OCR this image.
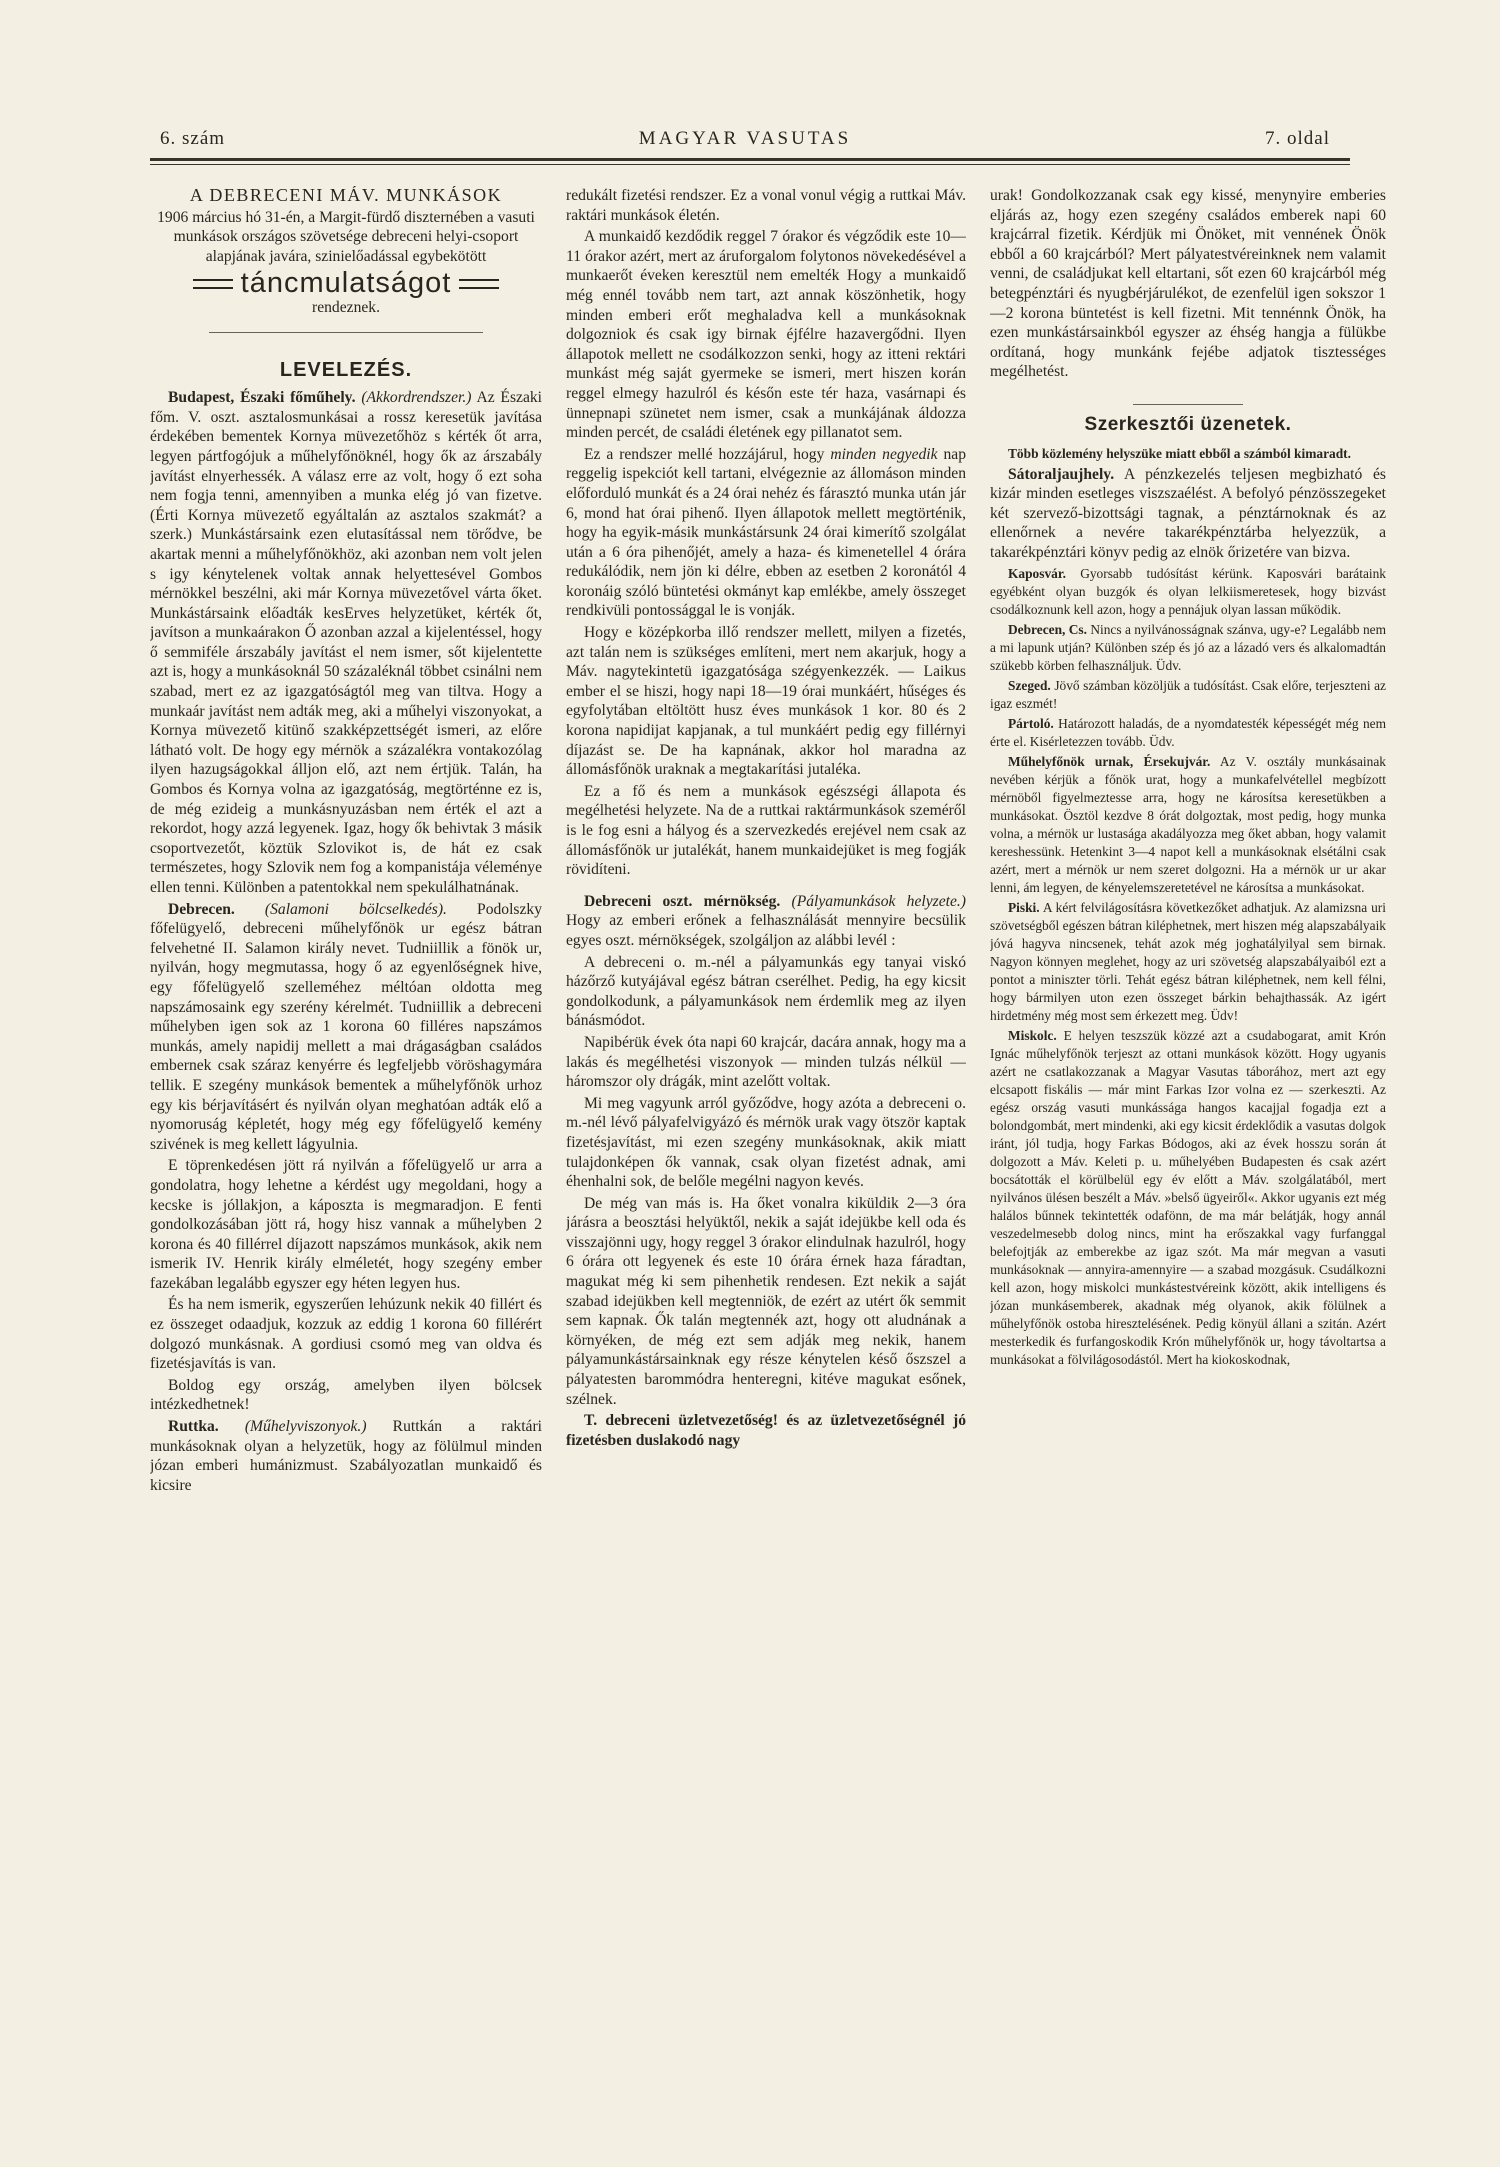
6. szám	MAGYAR VASUTAS	7. oldal
A DEBRECENI MÁV. MUNKÁSOK

1906 március hó 31-én, a Margit-fürdő diszternében a vasuti munkások országos szövetsége debreceni helyi-csoport alapjának javára, szinielőadással egybekötött

táncmulatságot

rendeznek.

LEVELEZÉS.

Budapest, Északi főműhely. (Akkordrendszer.) Az Északi főm. V. oszt. asztalosmunkásai a rossz keresetük javítása érdekében bementek Kornya müvezetőhöz s kérték őt arra, legyen pártfogójuk a műhelyfőnöknél, hogy ők az árszabály javítást elnyerhessék. A válasz erre az volt, hogy ő ezt soha nem fogja tenni, amennyiben a munka elég jó van fizetve. (Érti Kornya müvezető egyáltalán az asztalos szakmát? a szerk.) Munkástársaink ezen elutasítással nem törődve, be akartak menni a műhelyfőnökhöz, aki azonban nem volt jelen s igy kénytelenek voltak annak helyettesével Gombos mérnökkel beszélni, aki már Kornya müvezetővel várta őket. Munkástársaink előadták kesErves helyzetüket, kérték őt, javítson a munkaárakon Ő azonban azzal a kijelentéssel, hogy ő semmiféle árszabály javítást el nem ismer, sőt kijelentette azt is, hogy a munkásoknál 50 százaléknál többet csinálni nem szabad, mert ez az igazgatóságtól meg van tiltva. Hogy a munkaár javítást nem adták meg, aki a műhelyi viszonyokat, a Kornya müvezető kitünő szakképzettségét ismeri, az előre látható volt. De hogy egy mérnök a százalékra vontakozólag ilyen hazugságokkal álljon elő, azt nem értjük. Talán, ha Gombos és Kornya volna az igazgatóság, megtörténne ez is, de még ezideig a munkásnyuzásban nem érték el azt a rekordot, hogy azzá legyenek. Igaz, hogy ők behivtak 3 másik csoportvezetőt, köztük Szlovikot is, de hát ez csak természetes, hogy Szlovik nem fog a kompanistája véleménye ellen tenni. Különben a patentokkal nem spekulálhatnának.

Debrecen. (Salamoni bölcselkedés). Podolszky főfelügyelő, debreceni műhelyfőnök ur egész bátran felvehetné II. Salamon király nevet. Tudniillik a fönök ur, nyilván, hogy megmutassa, hogy ő az egyenlőségnek hive, egy főfelügyelő szelleméhez méltóan oldotta meg napszámosaink egy szerény kérelmét. Tudniillik a debreceni műhelyben igen sok az 1 korona 60 filléres napszámos munkás, amely napidij mellett a mai drágaságban családos embernek csak száraz kenyérre és legfeljebb vöröshagymára tellik. E szegény munkások bementek a műhelyfőnök urhoz egy kis bérjavításért és nyilván olyan meghatóan adták elő a nyomoruság képletét, hogy még egy főfelügyelő kemény szivének is meg kellett lágyulnia.

E töprenkedésen jött rá nyilván a főfelügyelő ur arra a gondolatra, hogy lehetne a kérdést ugy megoldani, hogy a kecske is jóllakjon, a káposzta is megmaradjon. E fenti gondolkozásában jött rá, hogy hisz vannak a műhelyben 2 korona és 40 fillérrel díjazott napszámos munkások, akik nem ismerik IV. Henrik király elméletét, hogy szegény ember fazekában legalább egyszer egy héten legyen hus.

És ha nem ismerik, egyszerűen lehúzunk nekik 40 fillért és ez összeget odaadjuk, kozzuk az eddig 1 korona 60 fillérért dolgozó munkásnak. A gordiusi csomó meg van oldva és fizetésjavítás is van.

Boldog egy ország, amelyben ilyen bölcsek intézkedhetnek!

Ruttka. (Műhelyviszonyok.) Ruttkán a raktári munkásoknak olyan a helyzetük, hogy az fölülmul minden józan emberi humánizmust. Szabályozatlan munkaidő és kicsire

redukált fizetési rendszer. Ez a vonal vonul végig a ruttkai Máv. raktári munkások életén.

A munkaidő kezdődik reggel 7 órakor és végződik este 10—11 órakor azért, mert az áruforgalom folytonos növekedésével a munkaerőt éveken keresztül nem emelték Hogy a munkaidő még ennél tovább nem tart, azt annak köszönhetik, hogy minden emberi erőt meghaladva kell a munkásoknak dolgozniok és csak igy birnak éjfélre hazavergődni. Ilyen állapotok mellett ne csodálkozzon senki, hogy az itteni rektári munkást még saját gyermeke se ismeri, mert hiszen korán reggel elmegy hazulról és későn este tér haza, vasárnapi és ünnepnapi szünetet nem ismer, csak a munkájának áldozza minden percét, de családi életének egy pillanatot sem.

Ez a rendszer mellé hozzájárul, hogy minden negyedik nap reggelig ispekciót kell tartani, elvégeznie az állomáson minden előforduló munkát és a 24 órai nehéz és fárasztó munka után jár 6, mond hat órai pihenő. Ilyen állapotok mellett megtörténik, hogy ha egyik-másik munkástársunk 24 órai kimerítő szolgálat után a 6 óra pihenőjét, amely a haza- és kimenetellel 4 órára redukálódik, nem jön ki délre, ebben az esetben 2 koronától 4 koronáig szóló büntetési okmányt kap emlékbe, amely összeget rendkivüli pontossággal le is vonják.

Hogy e középkorba illő rendszer mellett, milyen a fizetés, azt talán nem is szükséges említeni, mert nem akarjuk, hogy a Máv. nagytekintetü igazgatósága szégyenkezzék. — Laikus ember el se hiszi, hogy napi 18—19 órai munkáért, hűséges és egyfolytában eltöltött husz éves munkások 1 kor. 80 és 2 korona napidijat kapjanak, a tul munkáért pedig egy fillérnyi díjazást se. De ha kapnának, akkor hol maradna az állomásfőnök uraknak a megtakarítási jutaléka.

Ez a fő és nem a munkások egészségi állapota és megélhetési helyzete. Na de a ruttkai raktármunkások szeméről is le fog esni a hályog és a szervezkedés erejével nem csak az állomásfőnök ur jutalékát, hanem munkaidejüket is meg fogják rövidíteni.

Debreceni oszt. mérnökség. (Pályamunkások helyzete.) Hogy az emberi erőnek a felhasználását mennyire becsülik egyes oszt. mérnökségek, szolgáljon az alábbi levél :

A debreceni o. m.-nél a pályamunkás egy tanyai viskó házőrző kutyájával egész bátran cserélhet. Pedig, ha egy kicsit gondolkodunk, a pályamunkások nem érdemlik meg az ilyen bánásmódot.

Napibérük évek óta napi 60 krajcár, dacára annak, hogy ma a lakás és megélhetési viszonyok — minden tulzás nélkül — háromszor oly drágák, mint azelőtt voltak.

Mi meg vagyunk arról győződve, hogy azóta a debreceni o. m.-nél lévő pályafelvigyázó és mérnök urak vagy ötször kaptak fizetésjavítást, mi ezen szegény munkásoknak, akik miatt tulajdonképen ők vannak, csak olyan fizetést adnak, ami éhenhalni sok, de belőle megélni nagyon kevés.

De még van más is. Ha őket vonalra kiküldik 2—3 óra járásra a beosztási helyüktől, nekik a saját idejükbe kell oda és visszajönni ugy, hogy reggel 3 órakor elindulnak hazulról, hogy 6 órára ott legyenek és este 10 órára érnek haza fáradtan, magukat még ki sem pihenhetik rendesen. Ezt nekik a saját szabad idejükben kell megtenniök, de ezért az utért ők semmit sem kapnak. Ők talán megtennék azt, hogy ott aludnának a környéken, de még ezt sem adják meg nekik, hanem pályamunkástársainknak egy része kénytelen késő őszszel a pályatesten barommódra henteregni, kitéve magukat esőnek, szélnek.

T. debreceni üzletvezetőség! és az üzletvezetőségnél jó fizetésben duslakodó nagy

urak! Gondolkozzanak csak egy kissé, menynyire emberies eljárás az, hogy ezen szegény családos emberek napi 60 krajcárral fizetik. Kérdjük mi Önöket, mit vennének Önök ebből a 60 krajcárból? Mert pályatestvéreinknek nem valamit venni, de családjukat kell eltartani, sőt ezen 60 krajcárból még betegpénztári és nyugbérjárulékot, de ezenfelül igen sokszor 1—2 korona büntetést is kell fizetni. Mit tennénnk Önök, ha ezen munkástársainkból egyszer az éhség hangja a fülükbe ordítaná, hogy munkánk fejébe adjatok tisztességes megélhetést.

Szerkesztői üzenetek.

Több közlemény helyszüke miatt ebből a számból kimaradt.

Sátoraljaujhely. A pénzkezelés teljesen megbizható és kizár minden esetleges viszszaélést. A befolyó pénzösszegeket két szervező-bizottsági tagnak, a pénztárnoknak és az ellenőrnek a nevére takarékpénztárba helyezzük, a takarékpénztári könyv pedig az elnök őrizetére van bizva.

Kaposvár. Gyorsabb tudósítást kérünk. Kaposvári barátaink egyébként olyan buzgók és olyan lelkiismeretesek, hogy bizvást csodálkoznunk kell azon, hogy a pennájuk olyan lassan működik.

Debrecen, Cs. Nincs a nyilvánosságnak szánva, ugy-e? Legalább nem a mi lapunk utján? Különben szép és jó az a lázadó vers és alkalomadtán szükebb körben felhasználjuk. Üdv.

Szeged. Jövő számban közöljük a tudósítást. Csak előre, terjeszteni az igaz eszmét!

Pártoló. Határozott haladás, de a nyomdatesték képességét még nem érte el. Kisérletezzen tovább. Üdv.

Műhelyfőnök urnak, Érsekujvár. Az V. osztály munkásainak nevében kérjük a főnök urat, hogy a munkafelvétellel megbízott mérnöből figyelmeztesse arra, hogy ne károsítsa keresetükben a munkásokat. Ösztöl kezdve 8 órát dolgoztak, most pedig, hogy munka volna, a mérnök ur lustasága akadályozza meg őket abban, hogy valamit kereshessünk. Hetenkint 3—4 napot kell a munkásoknak elsétálni csak azért, mert a mérnök ur nem szeret dolgozni. Ha a mérnök ur ur akar lenni, ám legyen, de kényelemszeretetével ne károsítsa a munkásokat.

Piski. A kért felvilágosításra következőket adhatjuk. Az alamizsna uri szövetségből egészen bátran kiléphetnek, mert hiszen még alapszabályaik jóvá hagyva nincsenek, tehát azok még joghatályilyal sem birnak. Nagyon könnyen meglehet, hogy az uri szövetség alapszabályaiból ezt a pontot a miniszter törli. Tehát egész bátran kiléphetnek, nem kell félni, hogy bármilyen uton ezen összeget bárkin behajthassák. Az igért hirdetmény még most sem érkezett meg. Üdv!

Miskolc. E helyen teszszük közzé azt a csudabogarat, amit Krón Ignác műhelyfőnök terjeszt az ottani munkások között. Hogy ugyanis azért ne csatlakozzanak a Magyar Vasutas táborához, mert azt egy elcsapott fiskális — már mint Farkas Izor volna ez — szerkeszti. Az egész ország vasuti munkássága hangos kacajjal fogadja ezt a bolondgombát, mert mindenki, aki egy kicsit érdeklődik a vasutas dolgok iránt, jól tudja, hogy Farkas Bódogos, aki az évek hosszu során át dolgozott a Máv. Keleti p. u. műhelyében Budapesten és csak azért bocsátották el körülbelül egy év előtt a Máv. szolgálatából, mert nyilvános ülésen beszélt a Máv. »belső ügyeiről«. Akkor ugyanis ezt még halálos bűnnek tekintették odafönn, de ma már belátják, hogy annál veszedelmesebb dolog nincs, mint ha erőszakkal vagy furfanggal belefojtják az emberekbe az igaz szót. Ma már megvan a vasuti munkásoknak — annyira-amennyire — a szabad mozgásuk. Csudálkozni kell azon, hogy miskolci munkástestvéreink között, akik intelligens és józan munkásemberek, akadnak még olyanok, akik fölülnek a műhelyfőnök ostoba hiresztelésének. Pedig könyül állani a szitán. Azért mesterkedik és furfangoskodik Krón műhelyfőnök ur, hogy távoltartsa a munkásokat a fölvilágosodástól. Mert ha kiokoskodnak,
